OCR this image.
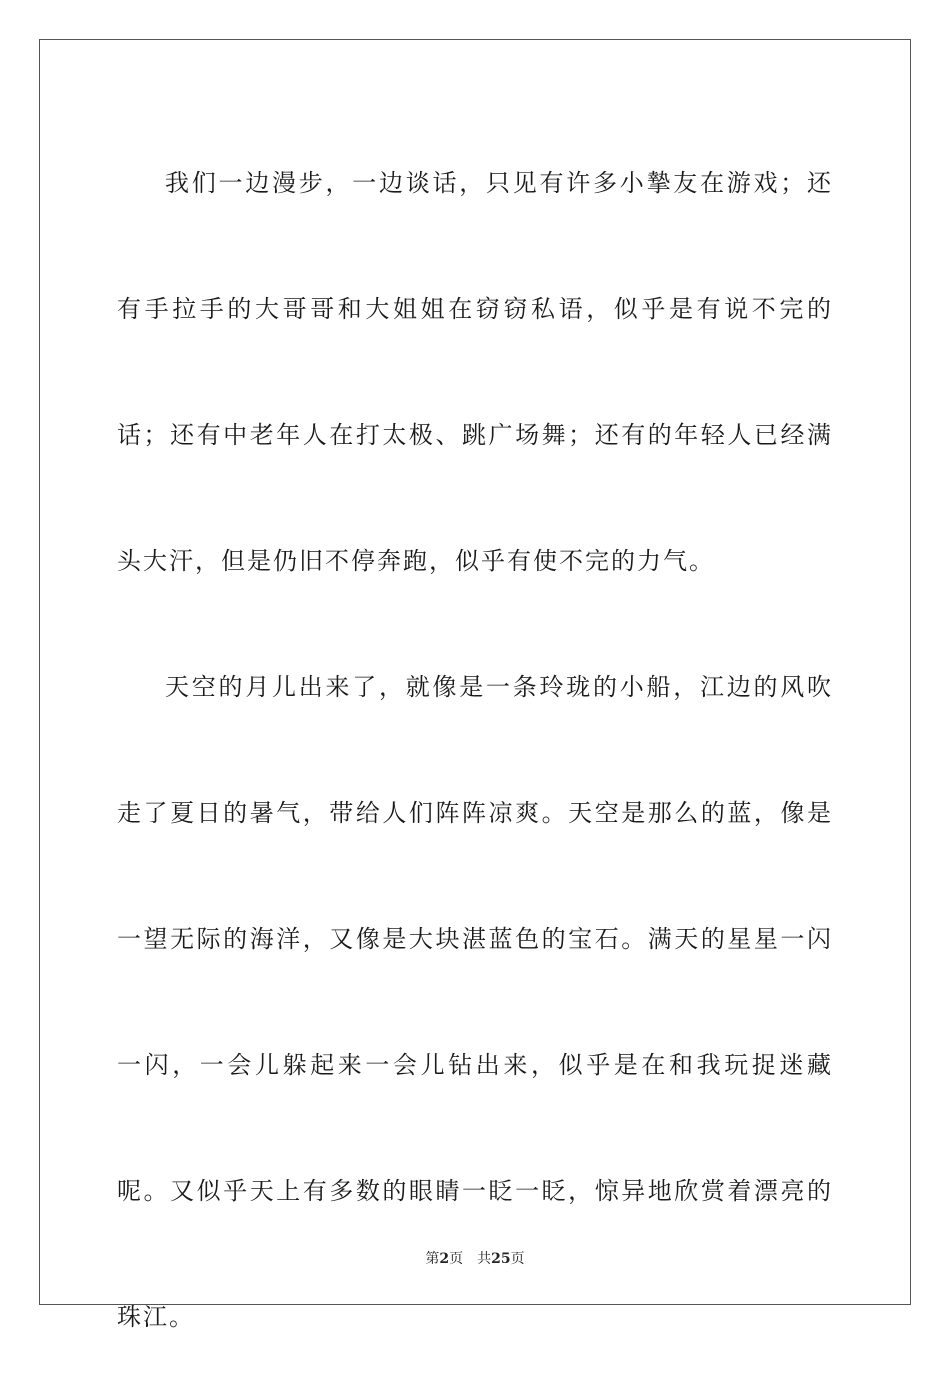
我们一边漫步，一边谈话，只见有许多小摯友在游戏；还有手拉手的大哥哥和大姐姐在窃窃私语，似乎是有说不完的话；还有中老年人在打太极、跳广场舞；还有的年轻人已经满头大汗，但是仍旧不停奔跑，似乎有使不完的力气。

天空的月儿出来了，就像是一条玲珑的小船，江边的风吹走了夏日的暑气，带给人们阵阵凉爽。天空是那么的蓝，像是一望无际的海洋，又像是大块湛蓝色的宝石。满天的星星一闪一闪，一会儿躲起来一会儿钻出来，似乎是在和我玩捉迷藏呢。又似乎天上有多数的眼睛一眨一眨，惊异地欣赏着漂亮的珠江。

第2页 共25页
